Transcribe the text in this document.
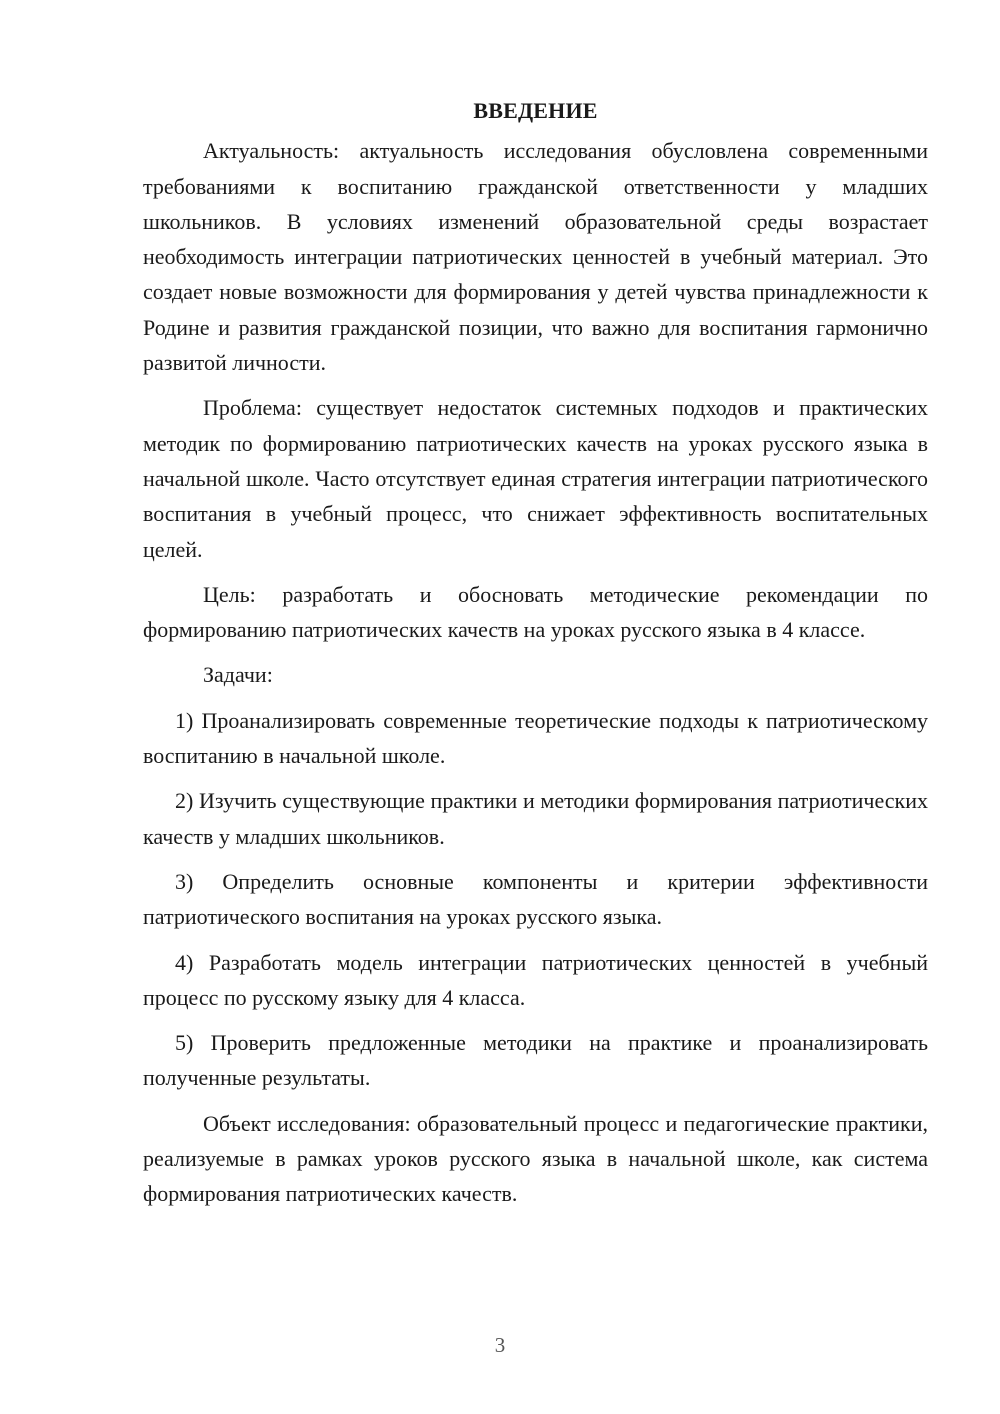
ВВЕДЕНИЕ

Актуальность: актуальность исследования обусловлена современными требованиями к воспитанию гражданской ответственности у младших школьников. В условиях изменений образовательной среды возрастает необходимость интеграции патриотических ценностей в учебный материал. Это создает новые возможности для формирования у детей чувства принадлежности к Родине и развития гражданской позиции, что важно для воспитания гармонично развитой личности.

Проблема: существует недостаток системных подходов и практических методик по формированию патриотических качеств на уроках русского языка в начальной школе. Часто отсутствует единая стратегия интеграции патриотического воспитания в учебный процесс, что снижает эффективность воспитательных целей.

Цель: разработать и обосновать методические рекомендации по формированию патриотических качеств на уроках русского языка в 4 классе.

Задачи:

1) Проанализировать современные теоретические подходы к патриотическому воспитанию в начальной школе.

2) Изучить существующие практики и методики формирования патриотических качеств у младших школьников.

3) Определить основные компоненты и критерии эффективности патриотического воспитания на уроках русского языка.

4) Разработать модель интеграции патриотических ценностей в учебный процесс по русскому языку для 4 класса.

5) Проверить предложенные методики на практике и проанализировать полученные результаты.

Объект исследования: образовательный процесс и педагогические практики, реализуемые в рамках уроков русского языка в начальной школе, как система формирования патриотических качеств.

3
